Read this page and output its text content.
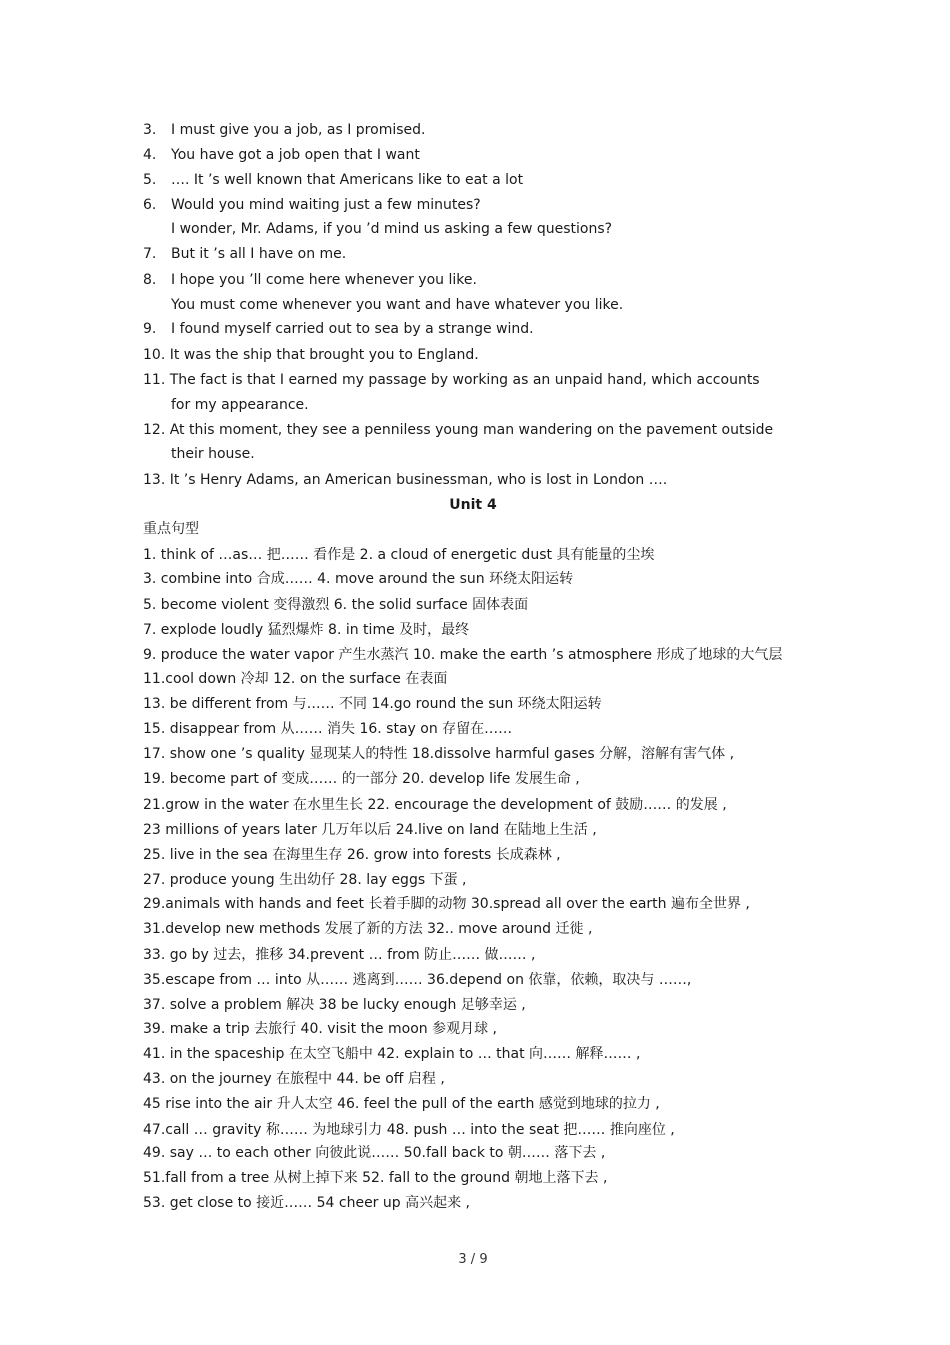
3. I must give you a job, as I promised.
4. You have got a job open that I want
5. …. It ’s well known that Americans like to eat a lot
6. Would you mind waiting just a few minutes?
I wonder, Mr. Adams, if you ’d mind us asking a few questions?
7. But it ’s all I have on me.
8. I hope you ’ll come here whenever you like.
You must come whenever you want and have whatever you like.
9. I found myself carried out to sea by a strange wind.
10. It was the ship that brought you to England.
11. The fact is that I earned my passage by working as an unpaid hand, which accounts
for my appearance.
12. At this moment, they see a penniless young man wandering on the pavement outside
their house.
13. It ’s Henry Adams, an American businessman, who is lost in London ….
Unit 4
重点句型
1. think of …as… 把…… 看作是 2. a cloud of energetic dust 具有能量的尘埃
3. combine into 合成…… 4. move around the sun 环绕太阳运转
5. become violent 变得激烈 6. the solid surface 固体表面
7. explode loudly 猛烈爆炸 8. in time 及时，最终
9. produce the water vapor 产生水蒸汽 10. make the earth ’s atmosphere 形成了地球的大气层
11.cool down 冷却 12. on the surface 在表面
13. be different from 与…… 不同 14.go round the sun 环绕太阳运转
15. disappear from 从…… 消失 16. stay on 存留在……
17. show one ’s quality 显现某人的特性 18.dissolve harmful gases 分解，溶解有害气体 ,
19. become part of 变成…… 的一部分 20. develop life 发展生命 ,
21.grow in the water 在水里生长 22. encourage the development of 鼓励…… 的发展 ,
23 millions of years later 几万年以后 24.live on land 在陆地上生活 ,
25. live in the sea 在海里生存 26. grow into forests 长成森林 ,
27. produce young 生出幼仔 28. lay eggs 下蛋 ,
29.animals with hands and feet 长着手脚的动物 30.spread all over the earth 遍布全世界 ,
31.develop new methods 发展了新的方法 32.. move around 迁徙 ,
33. go by 过去，推移 34.prevent … from 防止…… 做…… ,
35.escape from … into 从…… 逃离到…… 36.depend on 依靠，依赖，取决与 ……,
37. solve a problem 解决 38 be lucky enough 足够幸运 ,
39. make a trip 去旅行 40. visit the moon 参观月球 ,
41. in the spaceship 在太空飞船中 42. explain to … that 向…… 解释…… ,
43. on the journey 在旅程中 44. be off 启程 ,
45 rise into the air 升人太空 46. feel the pull of the earth 感觉到地球的拉力 ,
47.call … gravity 称…… 为地球引力 48. push … into the seat 把…… 推向座位 ,
49. say … to each other 向彼此说…… 50.fall back to 朝…… 落下去 ,
51.fall from a tree 从树上掉下来 52. fall to the ground 朝地上落下去 ,
53. get close to 接近…… 54 cheer up 高兴起来 ,
3 / 9
